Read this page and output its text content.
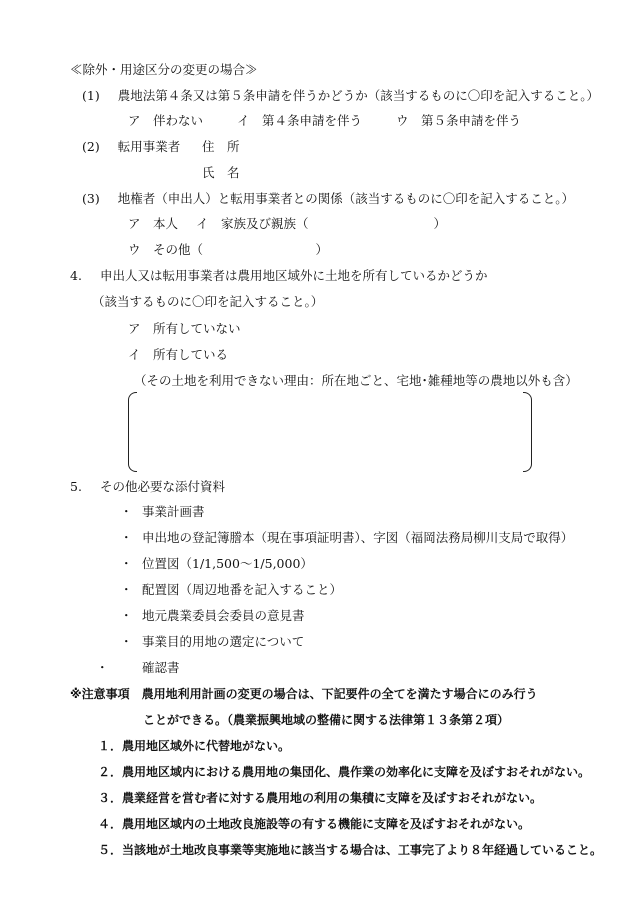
≪除外・用途区分の変更の場合≫
(1) 農地法第４条又は第５条申請を伴うかどうか（該当するものに〇印を記入すること。）
ア　伴わない	イ　第４条申請を伴う	ウ　第５条申請を伴う
(2) 転用事業者 住　所
氏　名
(3) 地権者（申出人）と転用事業者との関係（該当するものに〇印を記入すること。）
ア　本人 イ　家族及び親族（　　　　　　　　　　）
ウ　その他（　　　　　　　　　）
4. 申出人又は転用事業者は農用地区域外に土地を所有しているかどうか
（該当するものに〇印を記入すること。）
ア　所有していない
イ　所有している
（その土地を利用できない理由：所在地ごと、宅地･雑種地等の農地以外も含）
5. その他必要な添付資料
・ 事業計画書
・ 申出地の登記簿謄本（現在事項証明書）、字図（福岡法務局柳川支局で取得）
・ 位置図（1/1,500～1/5,000）
・ 配置図（周辺地番を記入すること）
・ 地元農業委員会委員の意見書
・ 事業目的用地の選定について
・	確認書
※注意事項　農用地利用計画の変更の場合は、下記要件の全てを満たす場合にのみ行う
ことができる。（農業振興地域の整備に関する法律第１３条第２項）
１．農用地区域外に代替地がない。
２．農用地区域内における農用地の集団化、農作業の効率化に支障を及ぼすおそれがない。
３．農業経営を営む者に対する農用地の利用の集積に支障を及ぼすおそれがない。
４．農用地区域内の土地改良施設等の有する機能に支障を及ぼすおそれがない。
５．当該地が土地改良事業等実施地に該当する場合は、工事完了より８年経過していること。
